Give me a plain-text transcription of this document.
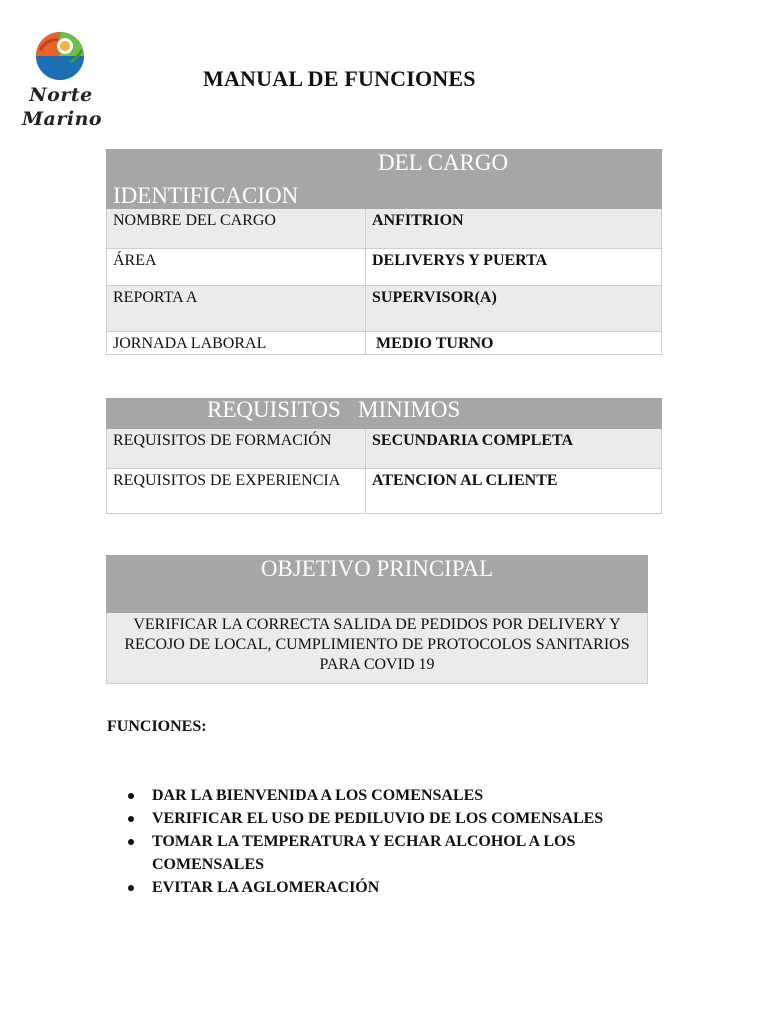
Norte
Marino
MANUAL DE FUNCIONES
IDENTIFICACION	DEL CARGO
NOMBRE DEL CARGO	ANFITRION
ÁREA	DELIVERYS Y PUERTA
REPORTA A	SUPERVISOR(A)
JORNADA LABORAL	MEDIO TURNO
REQUISITOS   MINIMOS	
REQUISITOS DE FORMACIÓN	SECUNDARIA COMPLETA
REQUISITOS DE EXPERIENCIA	ATENCION AL CLIENTE
OBJETIVO PRINCIPAL
VERIFICAR LA CORRECTA SALIDA DE PEDIDOS POR DELIVERY Y RECOJO DE LOCAL, CUMPLIMIENTO DE PROTOCOLOS SANITARIOS PARA COVID 19
FUNCIONES:
DAR LA BIENVENIDA A LOS COMENSALES
VERIFICAR EL USO DE PEDILUVIO DE LOS COMENSALES
TOMAR LA TEMPERATURA Y ECHAR ALCOHOL A LOS COMENSALES
EVITAR LA AGLOMERACIÓN
